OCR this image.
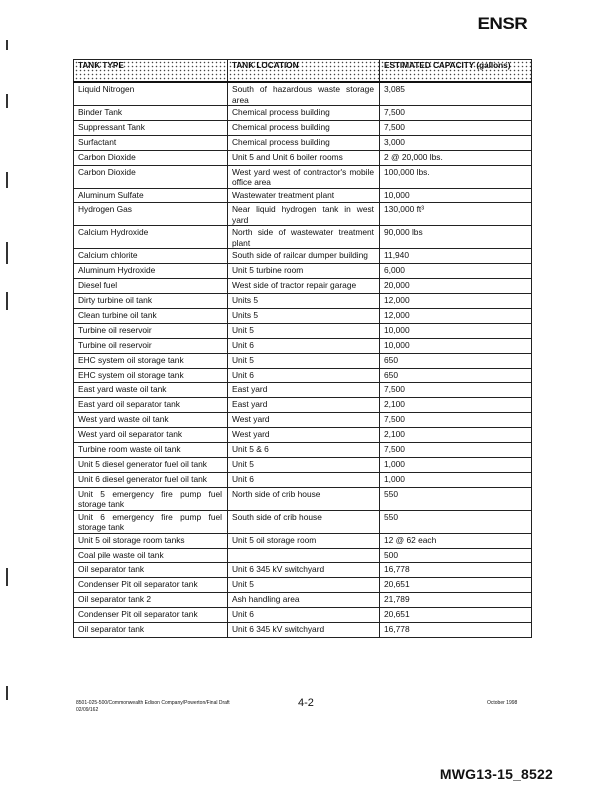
ENSR
TANK TYPE	TANK LOCATION	ESTIMATED CAPACITY (gallons)
Liquid Nitrogen	South of hazardous waste storage area	3,085
Binder Tank	Chemical process building	7,500
Suppressant Tank	Chemical process building	7,500
Surfactant	Chemical process building	3,000
Carbon Dioxide	Unit 5 and Unit 6 boiler rooms	2 @ 20,000 lbs.
Carbon Dioxide	West yard west of contractor's mobile office area	100,000 lbs.
Aluminum Sulfate	Wastewater treatment plant	10,000
Hydrogen Gas	Near liquid hydrogen tank in west yard	130,000 ft³
Calcium Hydroxide	North side of wastewater treatment plant	90,000 lbs
Calcium chlorite	South side of railcar dumper building	11,940
Aluminum Hydroxide	Unit 5 turbine room	6,000
Diesel fuel	West side of tractor repair garage	20,000
Dirty turbine oil tank	Units 5	12,000
Clean turbine oil tank	Units 5	12,000
Turbine oil reservoir	Unit 5	10,000
Turbine oil reservoir	Unit 6	10,000
EHC system oil storage tank	Unit 5	650
EHC system oil storage tank	Unit 6	650
East yard waste oil tank	East yard	7,500
East yard oil separator tank	East yard	2,100
West yard waste oil tank	West yard	7,500
West yard oil separator tank	West yard	2,100
Turbine room waste oil tank	Unit 5 & 6	7,500
Unit 5 diesel generator fuel oil tank	Unit 5	1,000
Unit 6 diesel generator fuel oil tank	Unit 6	1,000
Unit 5 emergency fire pump fuel storage tank	North side of crib house	550
Unit 6 emergency fire pump fuel storage tank	South side of crib house	550
Unit 5 oil storage room tanks	Unit 5 oil storage room	12 @ 62 each
Coal pile waste oil tank		500
Oil separator tank	Unit 6 345 kV switchyard	16,778
Condenser Pit oil separator tank	Unit 5	20,651
Oil separator tank 2	Ash handling area	21,789
Condenser Pit oil separator tank	Unit 6	20,651
Oil separator tank	Unit 6 345 kV switchyard	16,778
8501-025-500/Commonwealth Edison Company/Powerton/Final Draft
02/09/162
4-2	October 1998
MWG13-15_8522
